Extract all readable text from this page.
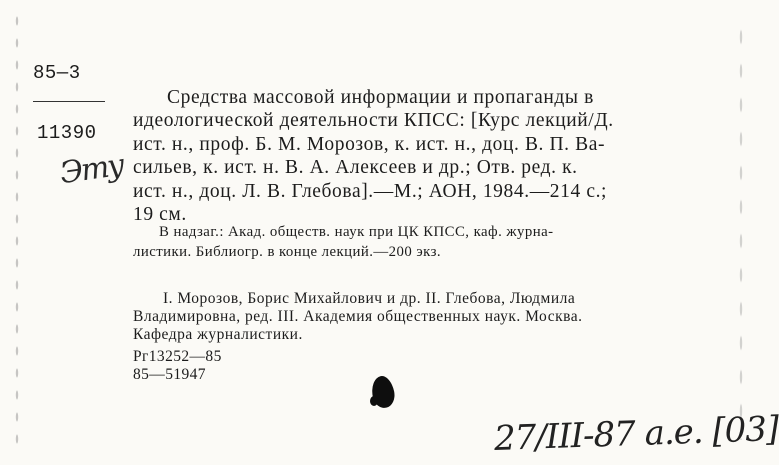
85—3
11390
Эту
Средства массовой информации и пропаганды в
идеологической деятельности КПСС: [Курс лекций/Д.
ист. н., проф. Б. М. Морозов, к. ист. н., доц. В. П. Ва-
сильев, к. ист. н. В. А. Алексеев и др.; Отв. ред. к.
ист. н., доц. Л. В. Глебова].—М.; АОН, 1984.—214 с.;
19 см.
В надзаг.: Акад. обществ. наук при ЦК КПСС, каф. журна-
листики. Библиогр. в конце лекций.—200 экз.
I. Морозов, Борис Михайлович и др. II. Глебова, Людмила
Владимировна, ред. III. Академия общественных наук. Москва.
Кафедра журналистики.
Рг13252—85
85—51947
27/III-87 а.е. [03]
